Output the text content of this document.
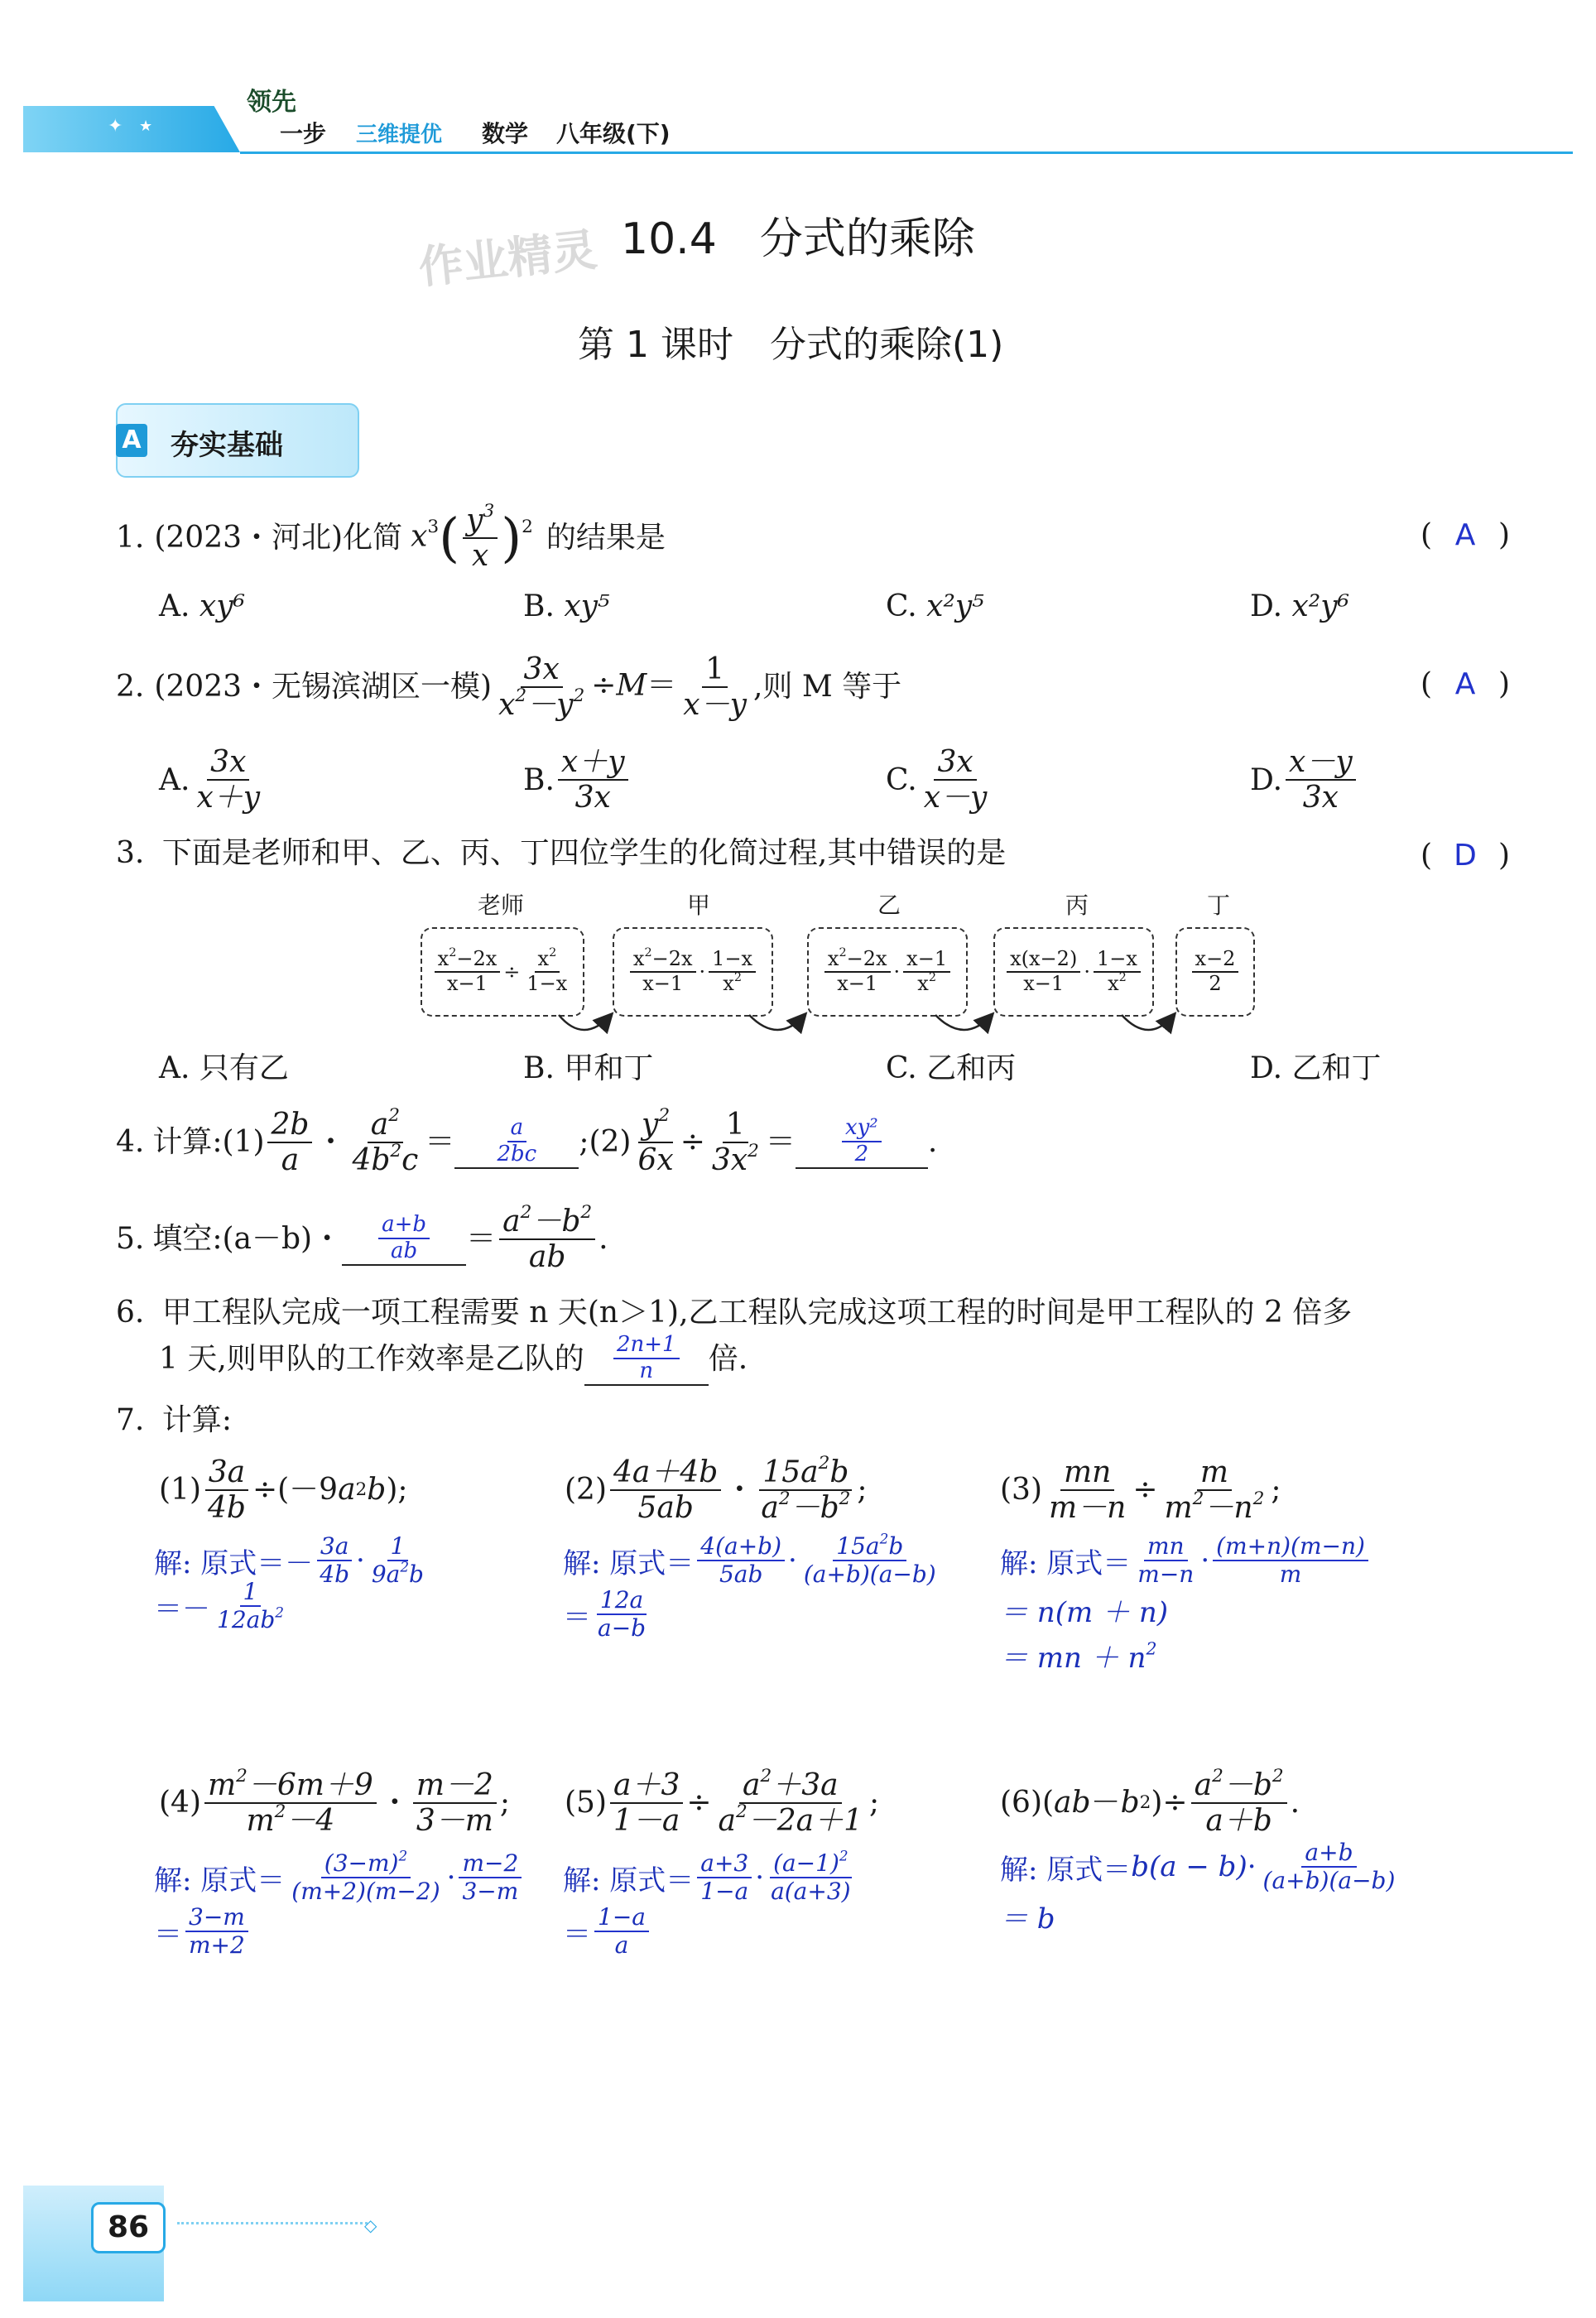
✦ ★
领先
一步 三维提优 数学 八年级(下)
作业精灵 10.4　分式的乘除
第 1 课时　分式的乘除(1)
A 夯实基础
1. (2023・河北)化简 $x^3( \frac{y^3}{x} )^2$ 的结果是	( A )
A. xy⁶	B. xy⁵	C. x²y⁵	D. x²y⁶
2. (2023・无锡滨湖区一模) $\frac{3x}{x^2-y^2} \div M= \frac{1}{x-y}$ ,则 M 等于	( A )
A.
3x
x＋y
B.
x＋y
3x
C.
3x
x－y
D.
x－y
3x
3. 下面是老师和甲、乙、丙、丁四位学生的化简过程,其中错误的是	( D )
老师	甲	乙	丙	丁
$x^2-2x$
x−1 ÷
$x^2$
1−x
$x^2-2x$
x−1 ·
1−x
$x^2$
$x^2-2x$
x−1 ·
x−1
$x^2$
x(x−2)
x−1 ·
1−x
$x^2$
x−2
2
A. 只有乙	B. 甲和丁	C. 乙和丙	D. 乙和丁
4. 计算:(1)
2b
a
・
$a^2$
$4b^2c$
＝ $\frac{a}{2bc}$ ;(2)
$y^2$
6x
÷
1
$3x^2 = \frac{\text{xy²}}{2}$ .
5. 填空:(a－b)・ $\frac{a+b}{ab}$ ＝
$a^2-b^2$
ab
.
6. 甲工程队完成一项工程需要 n 天(n＞1),乙工程队完成这项工程的时间是甲工程队的 2 倍多
1 天,则甲队的工作效率是乙队的 $\frac{2n+1}{n}$ 倍.
7. 计算:
(1)
3a
4b
÷(－9 a 2 b );
解:
原式＝ －
3a
4b · 1
$9a^2b$
＝－
1
$12ab^2$
(2)
4a＋4b
5ab
・
$15a^2b$
$a^2-b^2$ ;
解:
原式＝
4(a+b)
$5ab \cdot 15a^2b$
(a+b)(a−b)
＝
12a
a−b
(3)
mn
m－n
÷
m
$m^2-n^2$ ;
解:
原式＝
mn
m−n · (m+n)(m−n)
m
＝ n(m ＋ n)
＝ mn ＋ $n^2$
(4)
$m^2-6m+9$
$m^2-4$
・
m－2
3－m
;
解:
原式＝
$(3-m)^2$
(m+2)(m−2) · m−2
3−m
＝
3−m
m+2
(5)
a＋3
1－a
÷
$a^2+3a$
$a^2-2a+1$
;
解:
原式＝
a+3
$1-a \cdot (a-1)^2$
a(a+3)
＝
1−a
a
(6)( ab － b 2 )÷
$a^2-b^2$
a＋b
.
解:
原式＝ b(a − b) · a+b
(a+b)(a−b)
＝ b
86	◇
